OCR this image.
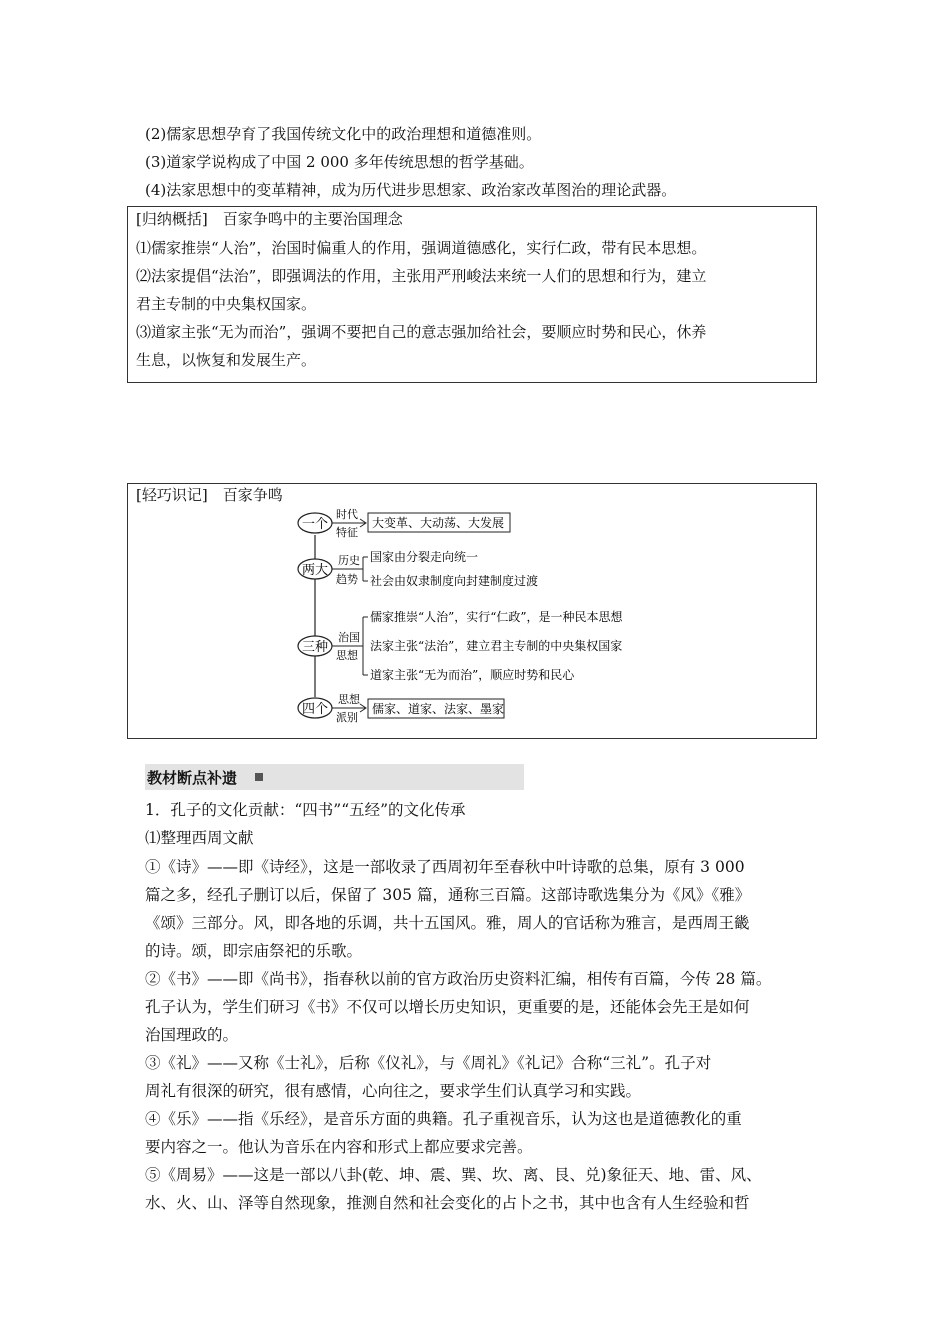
(2)儒家思想孕育了我国传统文化中的政治理想和道德准则。
(3)道家学说构成了中国 2 000 多年传统思想的哲学基础。
(4)法家思想中的变革精神，成为历代进步思想家、政治家改革图治的理论武器。
[归纳概括]　百家争鸣中的主要治国理念
⑴儒家推崇“人治”，治国时偏重人的作用，强调道德感化，实行仁政，带有民本思想。
⑵法家提倡“法治”，即强调法的作用，主张用严刑峻法来统一人们的思想和行为，建立
君主专制的中央集权国家。
⑶道家主张“无为而治”，强调不要把自己的意志强加给社会，要顺应时势和民心，休养
生息，以恢复和发展生产。
[轻巧识记]　百家争鸣
一个
时代
特征
大变革、大动荡、大发展
两大
历史
趋势
国家由分裂走向统一
社会由奴隶制度向封建制度过渡
三种
治国
思想
儒家推崇“人治”，实行“仁政”，是一种民本思想
法家主张“法治”，建立君主专制的中央集权国家
道家主张“无为而治”，顺应时势和民心
四个
思想
派别
儒家、道家、法家、墨家
教材断点补遗
1．孔子的文化贡献：“四书”“五经”的文化传承
⑴整理西周文献
①《诗》——即《诗经》，这是一部收录了西周初年至春秋中叶诗歌的总集，原有 3 000
篇之多，经孔子删订以后，保留了 305 篇，通称三百篇。这部诗歌选集分为《风》《雅》
《颂》三部分。风，即各地的乐调，共十五国风。雅，周人的官话称为雅言，是西周王畿
的诗。颂，即宗庙祭祀的乐歌。
②《书》——即《尚书》，指春秋以前的官方政治历史资料汇编，相传有百篇，今传 28 篇。
孔子认为，学生们研习《书》不仅可以增长历史知识，更重要的是，还能体会先王是如何
治国理政的。
③《礼》——又称《士礼》，后称《仪礼》，与《周礼》《礼记》合称“三礼”。孔子对
周礼有很深的研究，很有感情，心向往之，要求学生们认真学习和实践。
④《乐》——指《乐经》，是音乐方面的典籍。孔子重视音乐，认为这也是道德教化的重
要内容之一。他认为音乐在内容和形式上都应要求完善。
⑤《周易》——这是一部以八卦(乾、坤、震、巽、坎、离、艮、兑)象征天、地、雷、风、
水、火、山、泽等自然现象，推测自然和社会变化的占卜之书，其中也含有人生经验和哲
